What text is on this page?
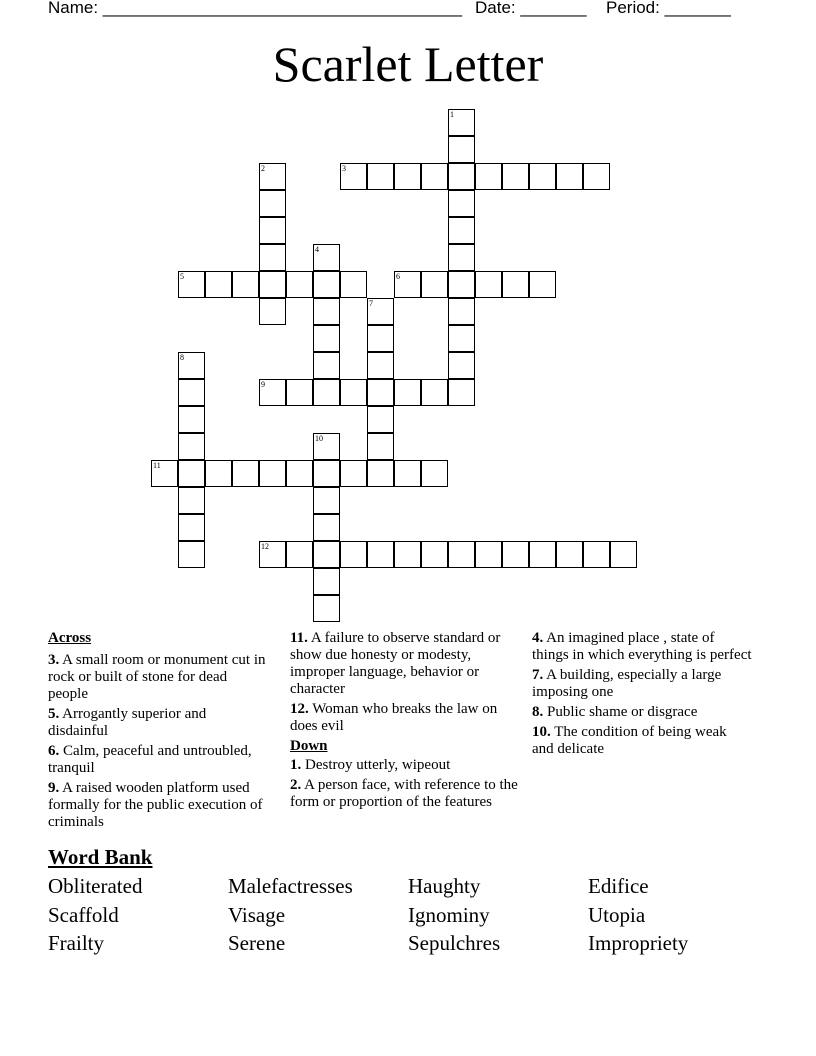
Name: ______________________________________

Date: _______

Period: _______

Scarlet Letter
1
2	3
4
5	6
7
8
9
10
11
12
Across
3. A small room or monument cut in rock or built of stone for dead people
5. Arrogantly superior and disdainful
6. Calm, peaceful and untroubled, tranquil
9. A raised wooden platform used formally for the public execution of criminals
11. A failure to observe standard or show due honesty or modesty, improper language, behavior or character
12. Woman who breaks the law on does evil
Down
1. Destroy utterly, wipeout
2. A person face, with reference to the form or proportion of the features
4. An imagined place , state of things in which everything is perfect
7. A building, especially a large imposing one
8. Public shame or disgrace
10. The condition of being weak and delicate
Word Bank
Obliterated	Malefactresses	Haughty	Edifice
Scaffold	Visage	Ignominy	Utopia
Frailty	Serene	Sepulchres	Impropriety
